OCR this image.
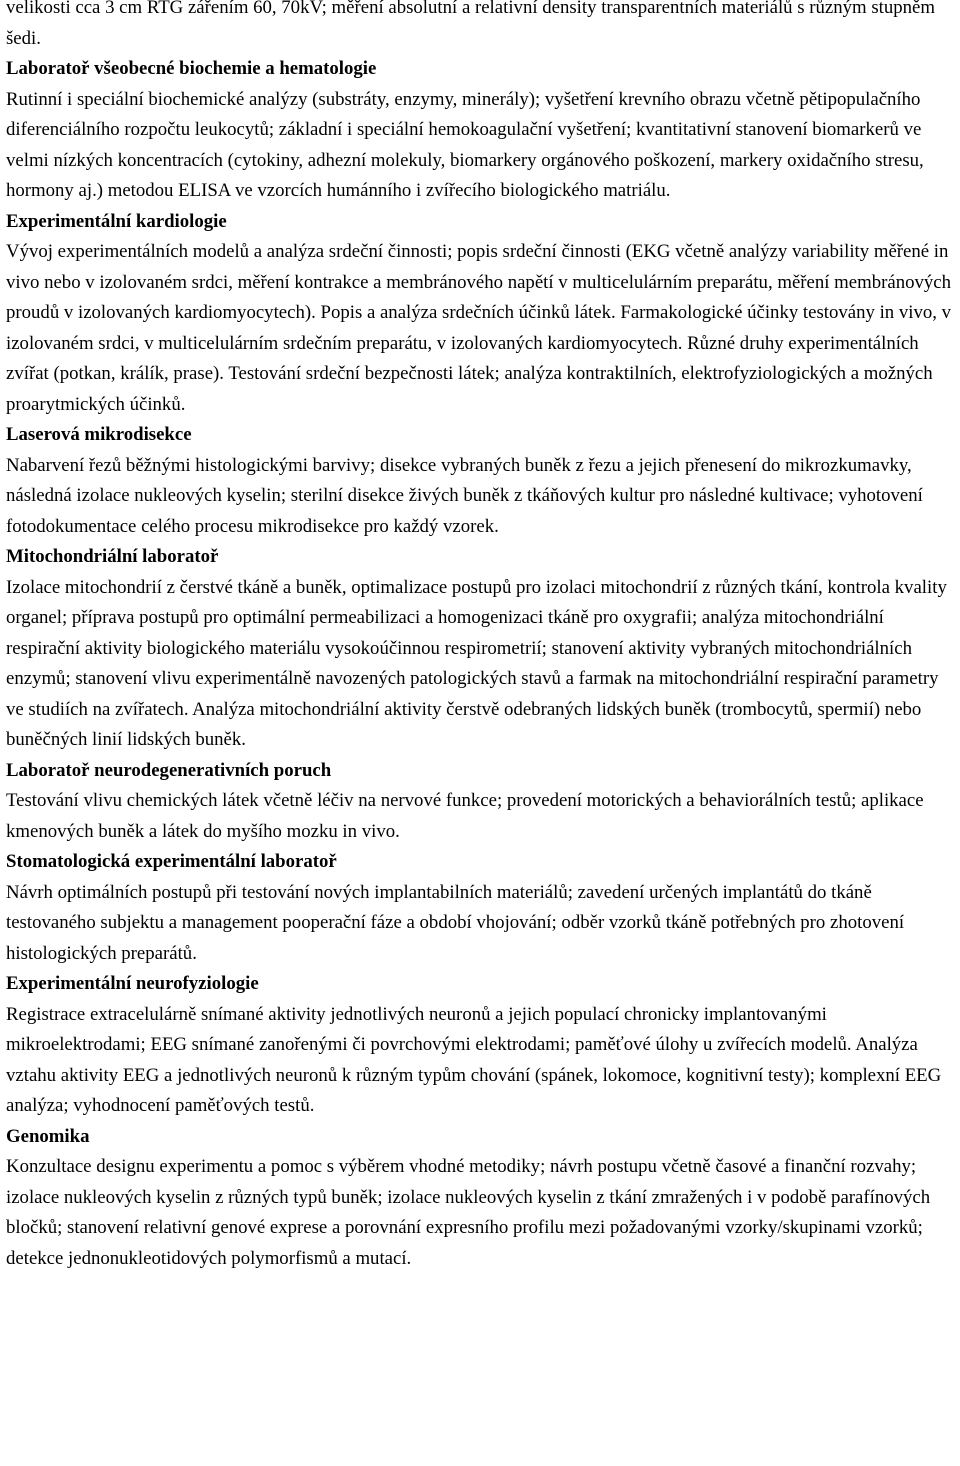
velikosti cca 3 cm RTG zářením 60, 70kV; měření absolutní a relativní density transparentních materiálů s různým stupněm šedi.

Laboratoř všeobecné biochemie a hematologie

Rutinní i speciální biochemické analýzy (substráty, enzymy, minerály); vyšetření krevního obrazu včetně pětipopulačního diferenciálního rozpočtu leukocytů; základní i speciální hemokoagulační vyšetření; kvantitativní stanovení biomarkerů ve velmi nízkých koncentracích (cytokiny, adhezní molekuly, biomarkery orgánového poškození, markery oxidačního stresu, hormony aj.) metodou ELISA ve vzorcích humánního i zvířecího biologického matriálu.

Experimentální kardiologie

Vývoj experimentálních modelů a analýza srdeční činnosti; popis srdeční činnosti (EKG včetně analýzy variability měřené in vivo nebo v izolovaném srdci, měření kontrakce a membránového napětí v multicelulárním preparátu, měření membránových proudů v izolovaných kardiomyocytech). Popis a analýza srdečních účinků látek. Farmakologické účinky testovány in vivo, v izolovaném srdci, v multicelulárním srdečním preparátu, v izolovaných kardiomyocytech. Různé druhy experimentálních zvířat (potkan, králík, prase). Testování srdeční bezpečnosti látek; analýza kontraktilních, elektrofyziologických a možných proarytmických účinků.

Laserová mikrodisekce

Nabarvení řezů běžnými histologickými barvivy; disekce vybraných buněk z řezu a jejich přenesení do mikrozkumavky, následná izolace nukleových kyselin; sterilní disekce živých buněk z tkáňových kultur pro následné kultivace; vyhotovení fotodokumentace celého procesu mikrodisekce pro každý vzorek.

Mitochondriální laboratoř

Izolace mitochondrií z čerstvé tkáně a buněk, optimalizace postupů pro izolaci mitochondrií z různých tkání, kontrola kvality organel; příprava postupů pro optimální permeabilizaci a homogenizaci tkáně pro oxygrafii; analýza mitochondriální respirační aktivity biologického materiálu vysokoúčinnou respirometrií; stanovení aktivity vybraných mitochondriálních enzymů; stanovení vlivu experimentálně navozených patologických stavů a farmak na mitochondriální respirační parametry ve studiích na zvířatech. Analýza mitochondriální aktivity čerstvě odebraných lidských buněk (trombocytů, spermií) nebo buněčných linií lidských buněk.

Laboratoř neurodegenerativních poruch

Testování vlivu chemických látek včetně léčiv na nervové funkce; provedení motorických a behaviorálních testů; aplikace kmenových buněk a látek do myšího mozku in vivo.

Stomatologická experimentální laboratoř

Návrh optimálních postupů při testování nových implantabilních materiálů; zavedení určených implantátů do tkáně testovaného subjektu a management pooperační fáze a období vhojování; odběr vzorků tkáně potřebných pro zhotovení histologických preparátů.

Experimentální neurofyziologie

Registrace extracelulárně snímané aktivity jednotlivých neuronů a jejich populací chronicky implantovanými mikroelektrodami; EEG snímané zanořenými či povrchovými elektrodami; paměťové úlohy u zvířecích modelů. Analýza vztahu aktivity EEG a jednotlivých neuronů k různým typům chování (spánek, lokomoce, kognitivní testy); komplexní EEG analýza; vyhodnocení paměťových testů.

Genomika

Konzultace designu experimentu a pomoc s výběrem vhodné metodiky; návrh postupu včetně časové a finanční rozvahy; izolace nukleových kyselin z různých typů buněk; izolace nukleových kyselin z tkání zmražených i v podobě parafínových bločků; stanovení relativní genové exprese a porovnání expresního profilu mezi požadovanými vzorky/skupinami vzorků; detekce jednonukleotidových polymorfismů a mutací.
